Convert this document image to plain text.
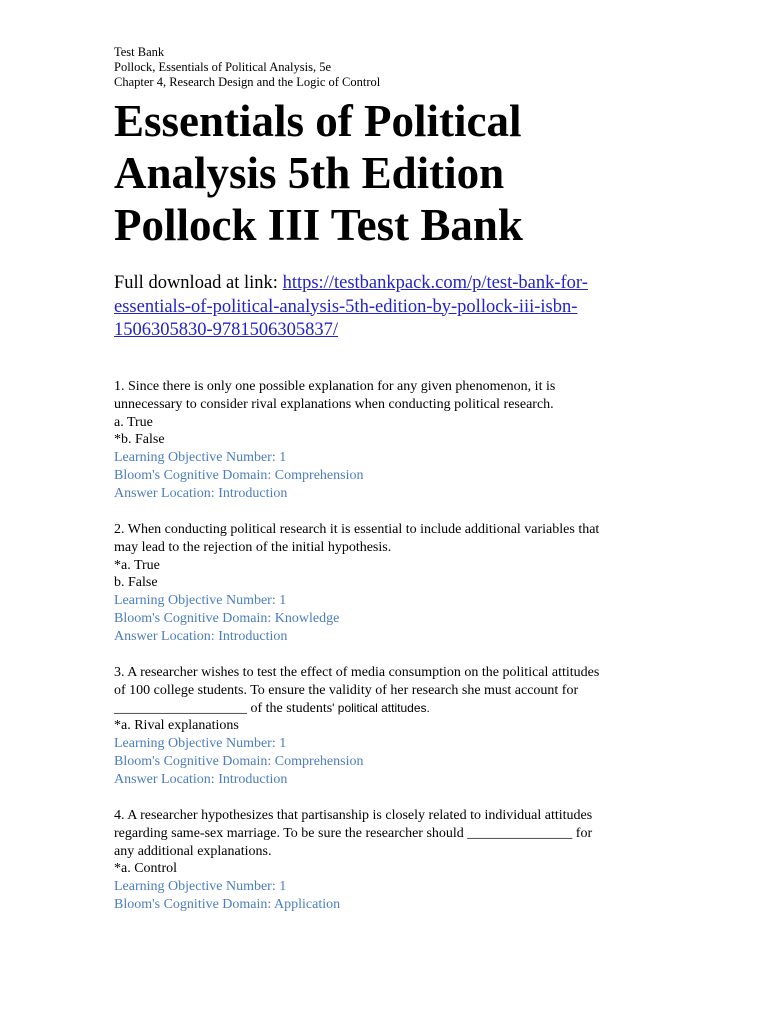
Test Bank
Pollock, Essentials of Political Analysis, 5e
Chapter 4, Research Design and the Logic of Control
Essentials of Political
Analysis 5th Edition
Pollock III Test Bank
Full download at link: https://testbankpack.com/p/test-bank-for-
essentials-of-political-analysis-5th-edition-by-pollock-iii-isbn-
1506305830-9781506305837/
1. Since there is only one possible explanation for any given phenomenon, it is
unnecessary to consider rival explanations when conducting political research.
a. True
*b. False
Learning Objective Number: 1
Bloom's Cognitive Domain: Comprehension
Answer Location: Introduction
2. When conducting political research it is essential to include additional variables that
may lead to the rejection of the initial hypothesis.
*a. True
b. False
Learning Objective Number: 1
Bloom's Cognitive Domain: Knowledge
Answer Location: Introduction
3. A researcher wishes to test the effect of media consumption on the political attitudes
of 100 college students. To ensure the validity of her research she must account for
___________________ of the students' political attitudes.
*a. Rival explanations
Learning Objective Number: 1
Bloom's Cognitive Domain: Comprehension
Answer Location: Introduction
4. A researcher hypothesizes that partisanship is closely related to individual attitudes
regarding same-sex marriage. To be sure the researcher should _______________ for
any additional explanations.
*a. Control
Learning Objective Number: 1
Bloom's Cognitive Domain: Application
